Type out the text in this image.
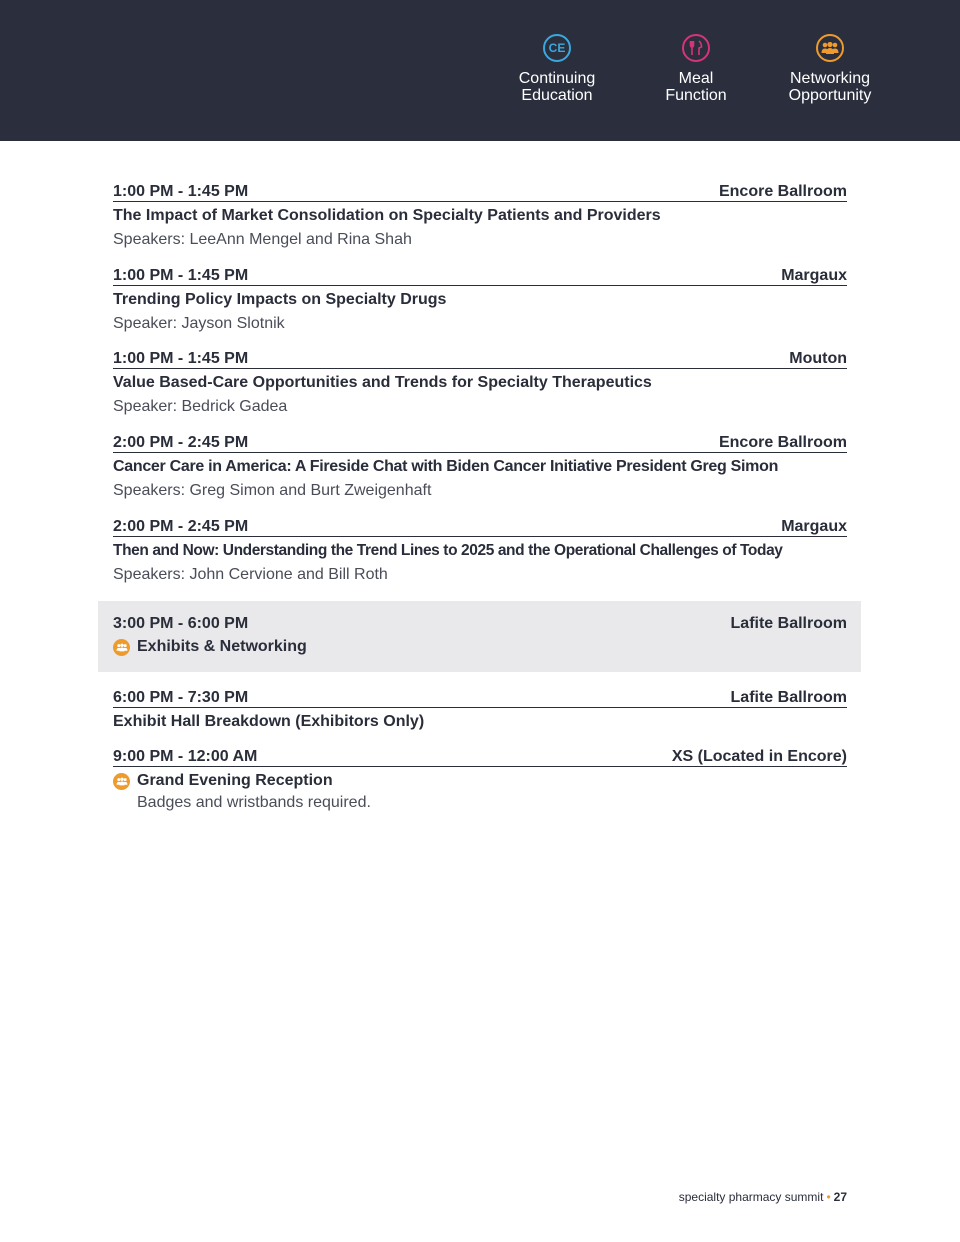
CE
Continuing
Education
Meal
Function
Networking
Opportunity
1:00 PM - 1:45 PM	Encore Ballroom
The Impact of Market Consolidation on Specialty Patients and Providers
Speakers: LeeAnn Mengel and Rina Shah
1:00 PM - 1:45 PM	Margaux
Trending Policy Impacts on Specialty Drugs
Speaker: Jayson Slotnik
1:00 PM - 1:45 PM	Mouton
Value Based-Care Opportunities and Trends for Specialty Therapeutics
Speaker: Bedrick Gadea
2:00 PM - 2:45 PM	Encore Ballroom
Cancer Care in America: A Fireside Chat with Biden Cancer Initiative President Greg Simon
Speakers: Greg Simon and Burt Zweigenhaft
2:00 PM - 2:45 PM	Margaux
Then and Now: Understanding the Trend Lines to 2025 and the Operational Challenges of Today
Speakers: John Cervione and Bill Roth
3:00 PM - 6:00 PM	Lafite Ballroom
Exhibits & Networking
6:00 PM - 7:30 PM	Lafite Ballroom
Exhibit Hall Breakdown (Exhibitors Only)
9:00 PM - 12:00 AM	XS (Located in Encore)
Grand Evening Reception
Badges and wristbands required.
specialty pharmacy summit • 27
